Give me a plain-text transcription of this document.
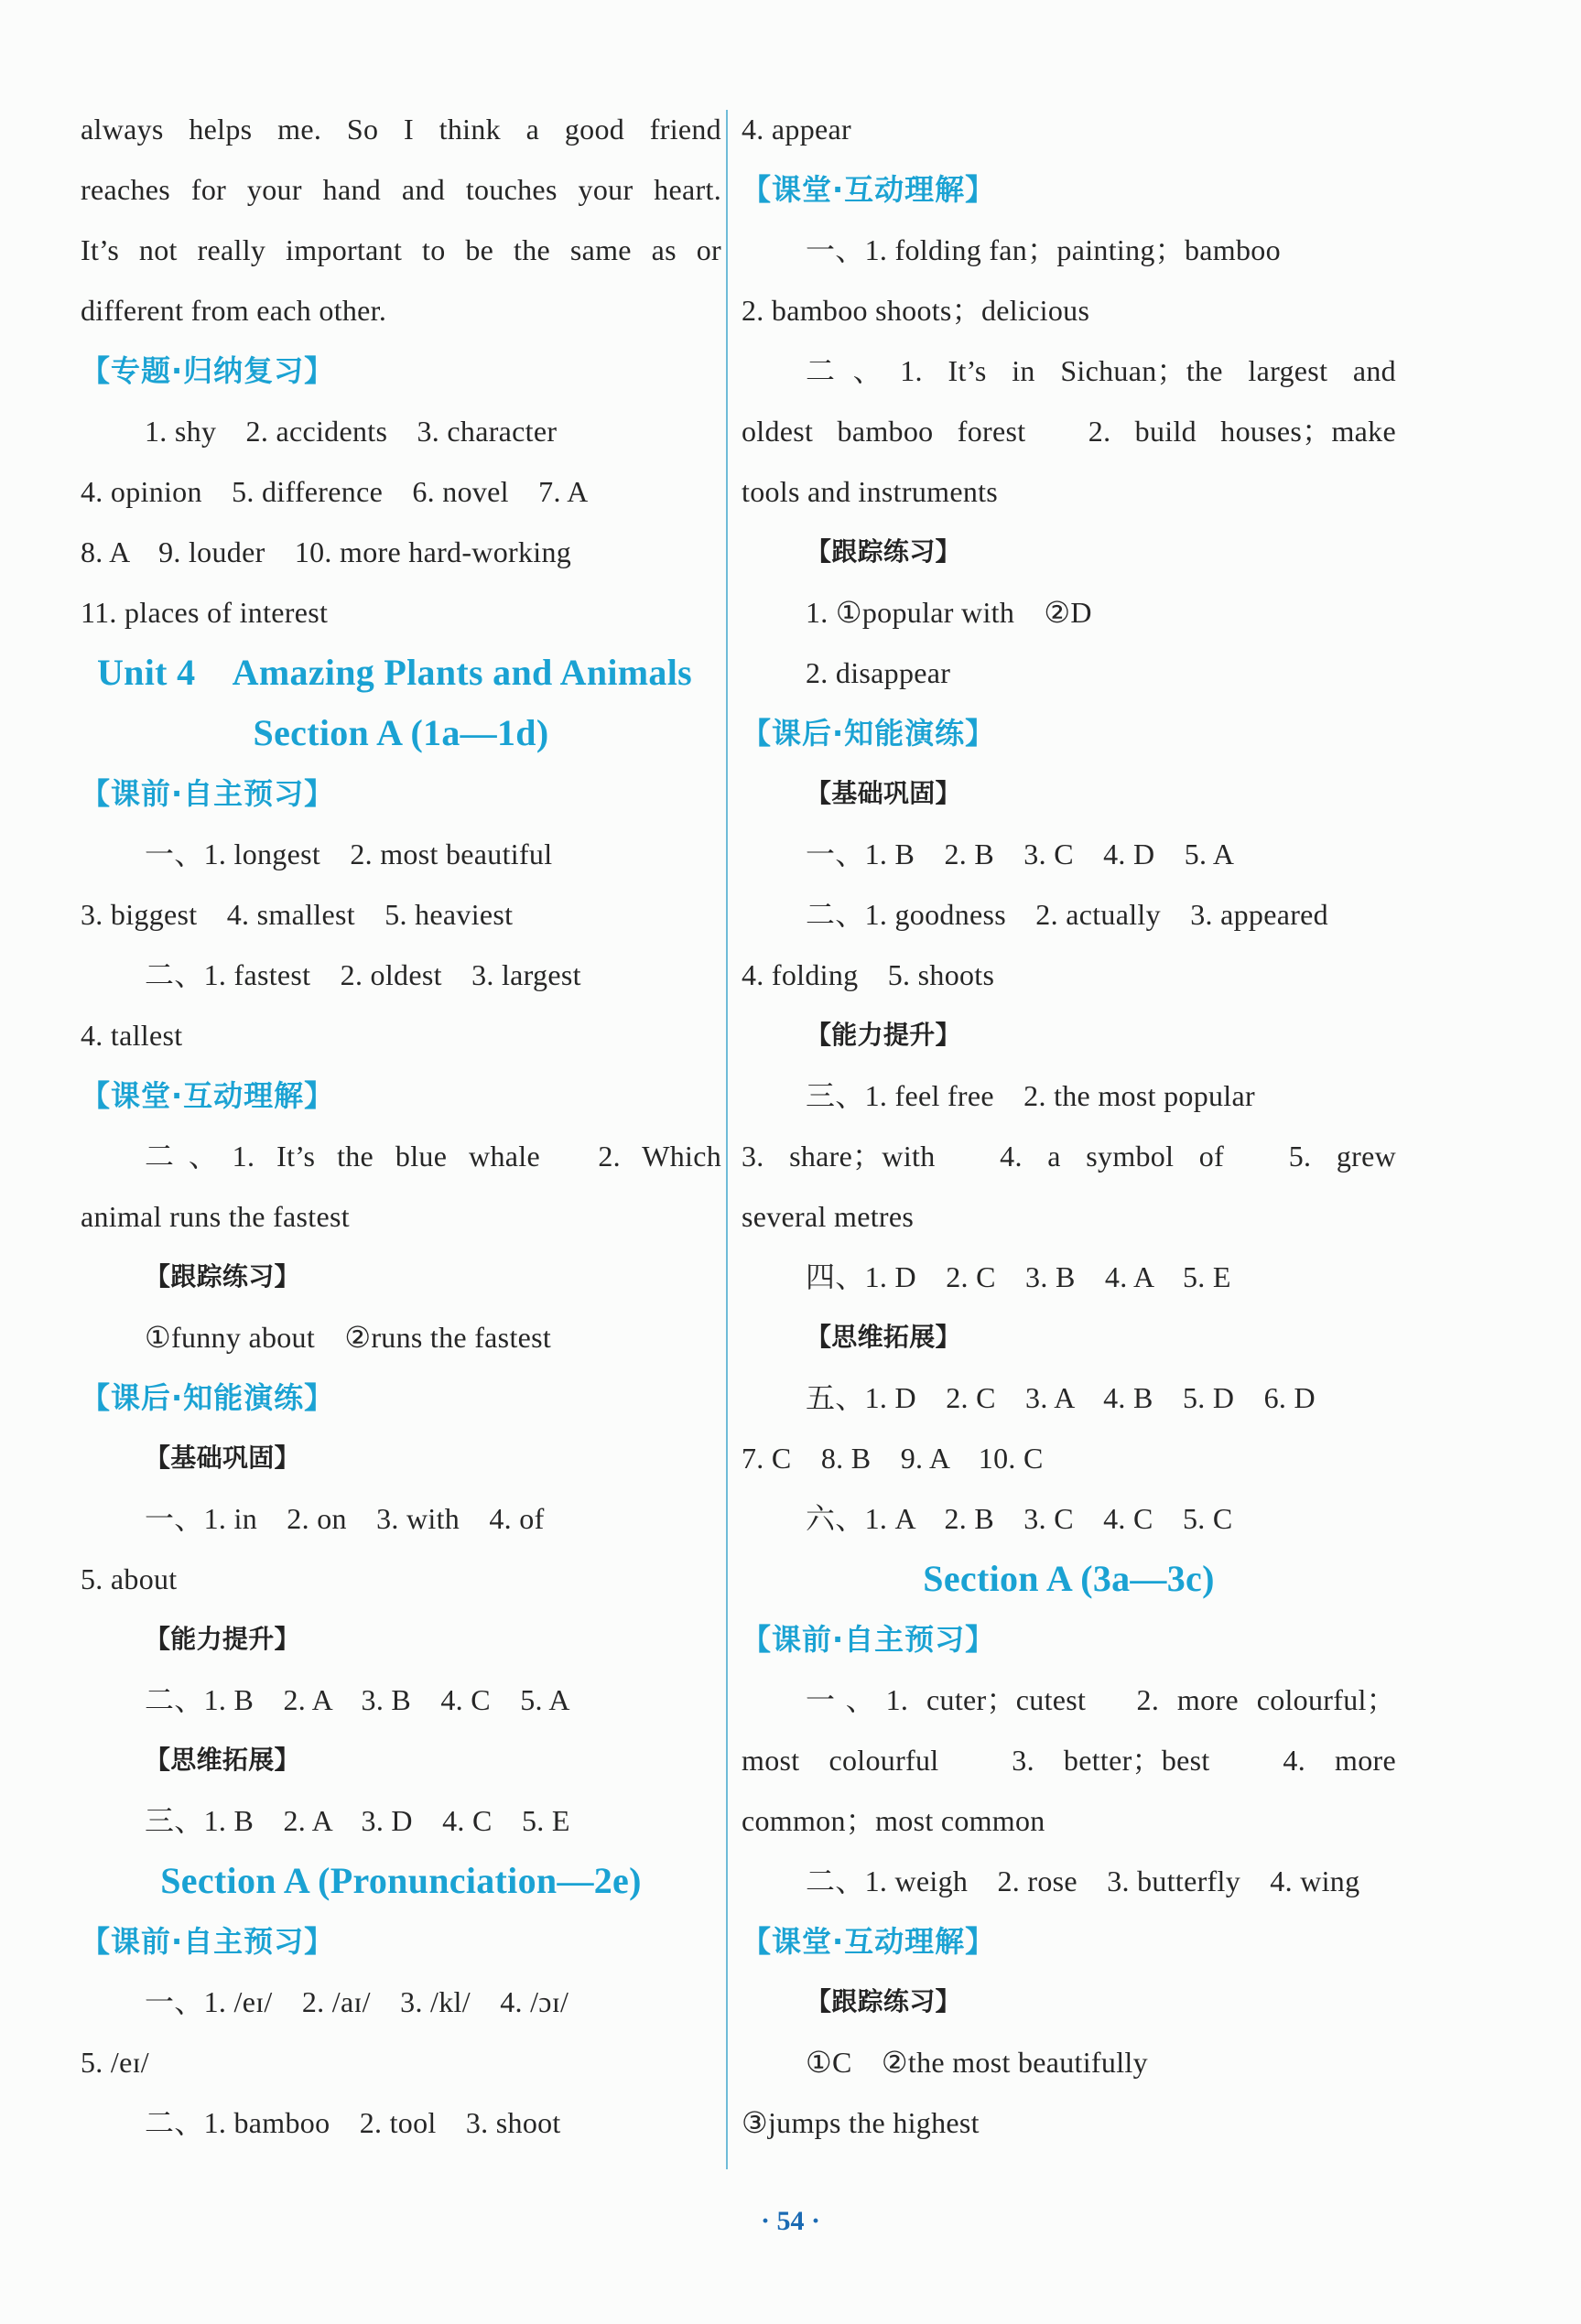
always helps me. So I think a good friend
reaches for your hand and touches your heart.
It’s not really important to be the same as or
different from each other.
【专题·归纳复习】
1. shy　2. accidents　3. character
4. opinion　5. difference　6. novel　7. A
8. A　9. louder　10. more hard-working
11. places of interest
Unit 4　Amazing Plants and Animals
Section A (1a—1d)
【课前·自主预习】
一、1. longest　2. most beautiful
3. biggest　4. smallest　5. heaviest
二、1. fastest　2. oldest　3. largest
4. tallest
【课堂·互动理解】
二、1. It’s the blue whale　2. Which
animal runs the fastest
【跟踪练习】
①funny about　②runs the fastest
【课后·知能演练】
【基础巩固】
一、1. in　2. on　3. with　4. of
5. about
【能力提升】
二、1. B　2. A　3. B　4. C　5. A
【思维拓展】
三、1. B　2. A　3. D　4. C　5. E
Section A (Pronunciation—2e)
【课前·自主预习】
一、1. /eɪ/　2. /aɪ/　3. /kl/　4. /ɔɪ/
5. /eɪ/
二、1. bamboo　2. tool　3. shoot
4. appear
【课堂·互动理解】
一、1. folding fan；painting；bamboo
2. bamboo shoots；delicious
二、1. It’s in Sichuan；the largest and
oldest bamboo forest　2. build houses；make
tools and instruments
【跟踪练习】
1. ①popular with　②D
2. disappear
【课后·知能演练】
【基础巩固】
一、1. B　2. B　3. C　4. D　5. A
二、1. goodness　2. actually　3. appeared
4. folding　5. shoots
【能力提升】
三、1. feel free　2. the most popular
3. share；with　4. a symbol of　5. grew
several metres
四、1. D　2. C　3. B　4. A　5. E
【思维拓展】
五、1. D　2. C　3. A　4. B　5. D　6. D
7. C　8. B　9. A　10. C
六、1. A　2. B　3. C　4. C　5. C
Section A (3a—3c)
【课前·自主预习】
一、1. cuter；cutest　2. more colourful；
most colourful　3. better；best　4. more
common；most common
二、1. weigh　2. rose　3. butterfly　4. wing
【课堂·互动理解】
【跟踪练习】
①C　②the most beautifully
③jumps the highest
· 54 ·
